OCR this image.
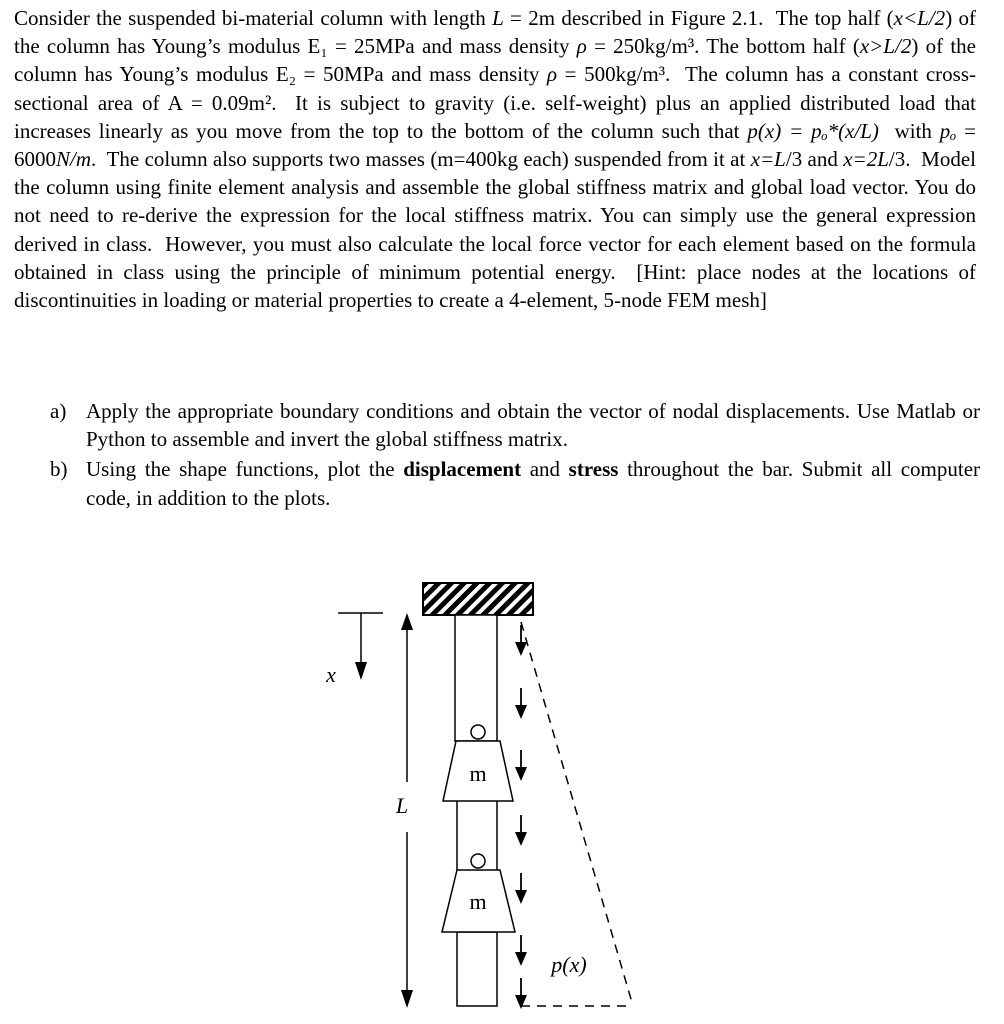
Consider the suspended bi-material column with length L = 2m described in Figure 2.1.  The top half (x<L/2) of the column has Young’s modulus E₁ = 25MPa and mass density ρ = 250kg/m³. The bottom half (x>L/2) of the column has Young’s modulus E₂ = 50MPa and mass density ρ = 500kg/m³.  The column has a constant cross-sectional area of A = 0.09m².  It is subject to gravity (i.e. self-weight) plus an applied distributed load that increases linearly as you move from the top to the bottom of the column such that p(x) = pₒ*(x/L)  with pₒ = 6000N/m.  The column also supports two masses (m=400kg each) suspended from it at x=L/3 and x=2L/3.  Model the column using finite element analysis and assemble the global stiffness matrix and global load vector. You do not need to re-derive the expression for the local stiffness matrix. You can simply use the general expression derived in class.  However, you must also calculate the local force vector for each element based on the formula obtained in class using the principle of minimum potential energy.  [Hint: place nodes at the locations of discontinuities in loading or material properties to create a 4-element, 5-node FEM mesh]

a) Apply the appropriate boundary conditions and obtain the vector of nodal displacements. Use Matlab or Python to assemble and invert the global stiffness matrix.
b) Using the shape functions, plot the displacement and stress throughout the bar. Submit all computer code, in addition to the plots.
x
L
m
m
p(x)
